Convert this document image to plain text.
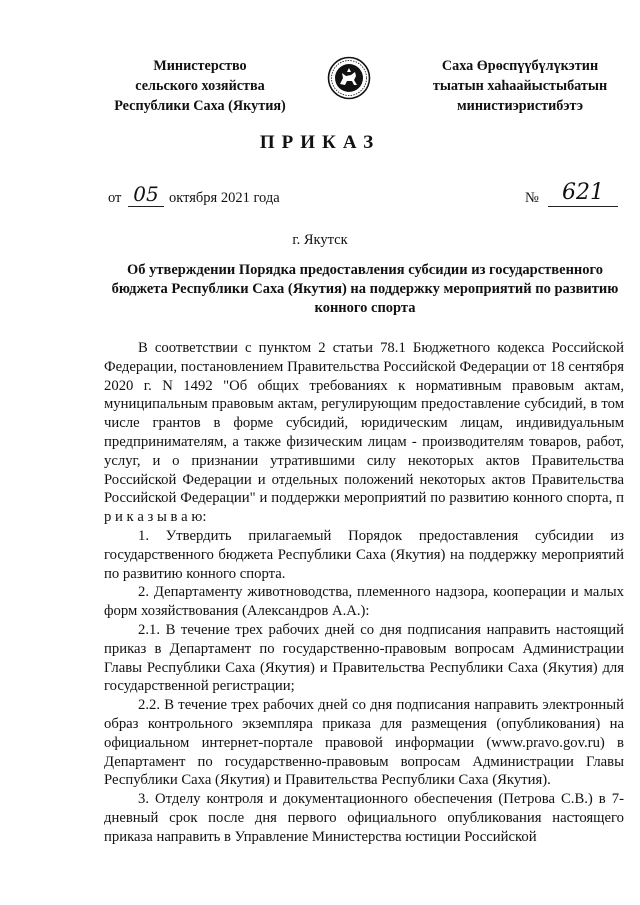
Министерство
сельского хозяйства
Республики Саха (Якутия)
Саха Өрөспүүбүлүкэтин
тыатын хаһаайыстыбатын
министиэристибэтэ
ПРИКАЗ
от 05 октября 2021 года	№	621
г. Якутск
Об утверждении Порядка предоставления субсидии из государственного бюджета Республики Саха (Якутия) на поддержку мероприятий по развитию конного спорта

В соответствии с пунктом 2 статьи 78.1 Бюджетного кодекса Российской Федерации, постановлением Правительства Российской Федерации от 18 сентября 2020 г. N 1492 "Об общих требованиях к нормативным правовым актам, муниципальным правовым актам, регулирующим предоставление субсидий, в том числе грантов в форме субсидий, юридическим лицам, индивидуальным предпринимателям, а также физическим лицам - производителям товаров, работ, услуг, и о признании утратившими силу некоторых актов Правительства Российской Федерации и отдельных положений некоторых актов Правительства Российской Федерации" и поддержки мероприятий по развитию конного спорта, п р и к а з ы в а ю:

1. Утвердить прилагаемый Порядок предоставления субсидии из государственного бюджета Республики Саха (Якутия) на поддержку мероприятий по развитию конного спорта.

2. Департаменту животноводства, племенного надзора, кооперации и малых форм хозяйствования (Александров А.А.):

2.1. В течение трех рабочих дней со дня подписания направить настоящий приказ в Департамент по государственно-правовым вопросам Администрации Главы Республики Саха (Якутия) и Правительства Республики Саха (Якутия) для государственной регистрации;

2.2. В течение трех рабочих дней со дня подписания направить электронный образ контрольного экземпляра приказа для размещения (опубликования) на официальном интернет-портале правовой информации (www.pravo.gov.ru) в Департамент по государственно-правовым вопросам Администрации Главы Республики Саха (Якутия) и Правительства Республики Саха (Якутия).

3. Отделу контроля и документационного обеспечения (Петрова С.В.) в 7-дневный срок после дня первого официального опубликования настоящего приказа направить в Управление Министерства юстиции Российской
